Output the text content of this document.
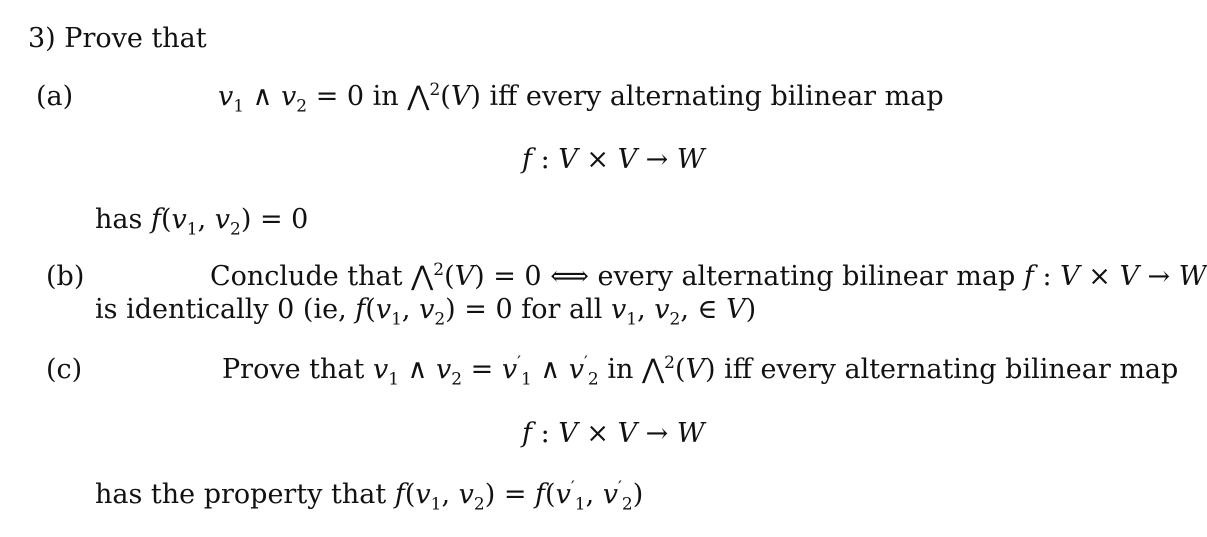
3) Prove that
(a)	$v_1$ ∧ $v_2 = 0$ in ⋀$^2$(V) iff every alternating bilinear map
f : V × V → W
has $f(v_1$, $v_2) = 0$
(b)	Conclude that ⋀$^2$(V) = 0 ⟺ every alternating bilinear map f : V × V → W
is identically 0 (ie, $f(v_1$, $v_2) = 0$ for all $v_1$, $v_2$, ∈ V)
(c)	Prove that $v_1$ ∧ $v_2 = v'_1$ ∧ $v'_2$ in ⋀$^2$(V) iff every alternating bilinear map
f : V × V → W
has the property that $f(v_1$, $v_2) = f(v'_1$, $v'_2$)
